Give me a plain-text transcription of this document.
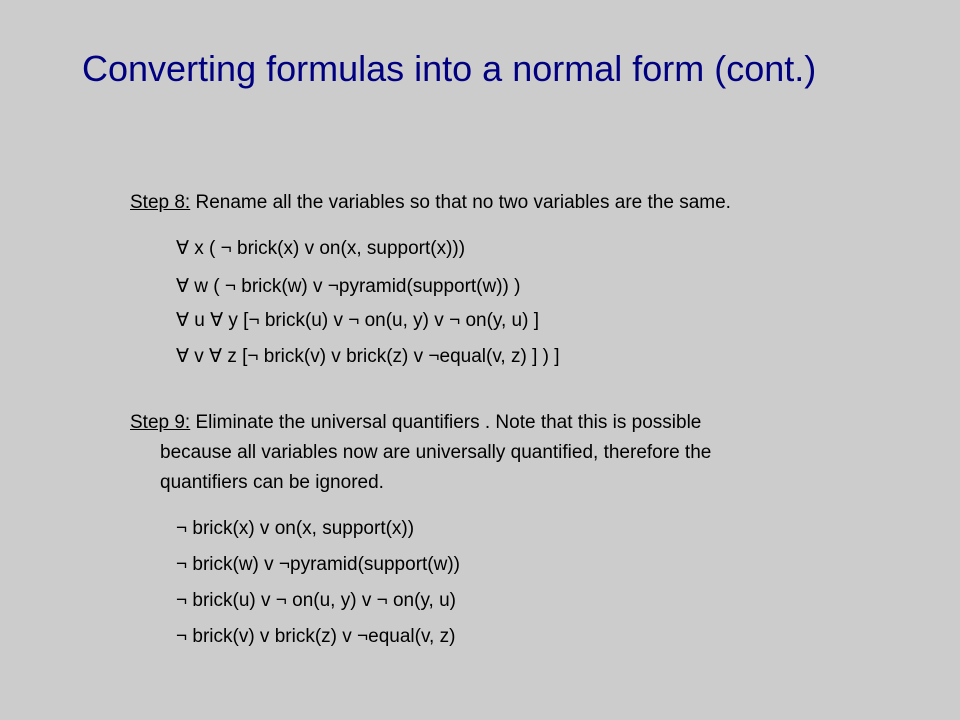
Converting formulas into a normal form (cont.)
Step 8: Rename all the variables so that no two variables are the same.
∀ x ( ¬ brick(x) v on(x, support(x)))
∀ w ( ¬ brick(w) v ¬pyramid(support(w)) )
∀ u ∀ y [¬ brick(u) v ¬ on(u, y) v ¬ on(y, u) ]
∀ v ∀ z [¬ brick(v) v brick(z) v ¬equal(v, z) ] ) ]
Step 9: Eliminate the universal quantifiers . Note that this is possible
because all variables now are universally quantified, therefore the
quantifiers can be ignored.
¬ brick(x) v on(x, support(x))
¬ brick(w) v ¬pyramid(support(w))
¬ brick(u) v ¬ on(u, y) v ¬ on(y, u)
¬ brick(v) v brick(z) v ¬equal(v, z)
